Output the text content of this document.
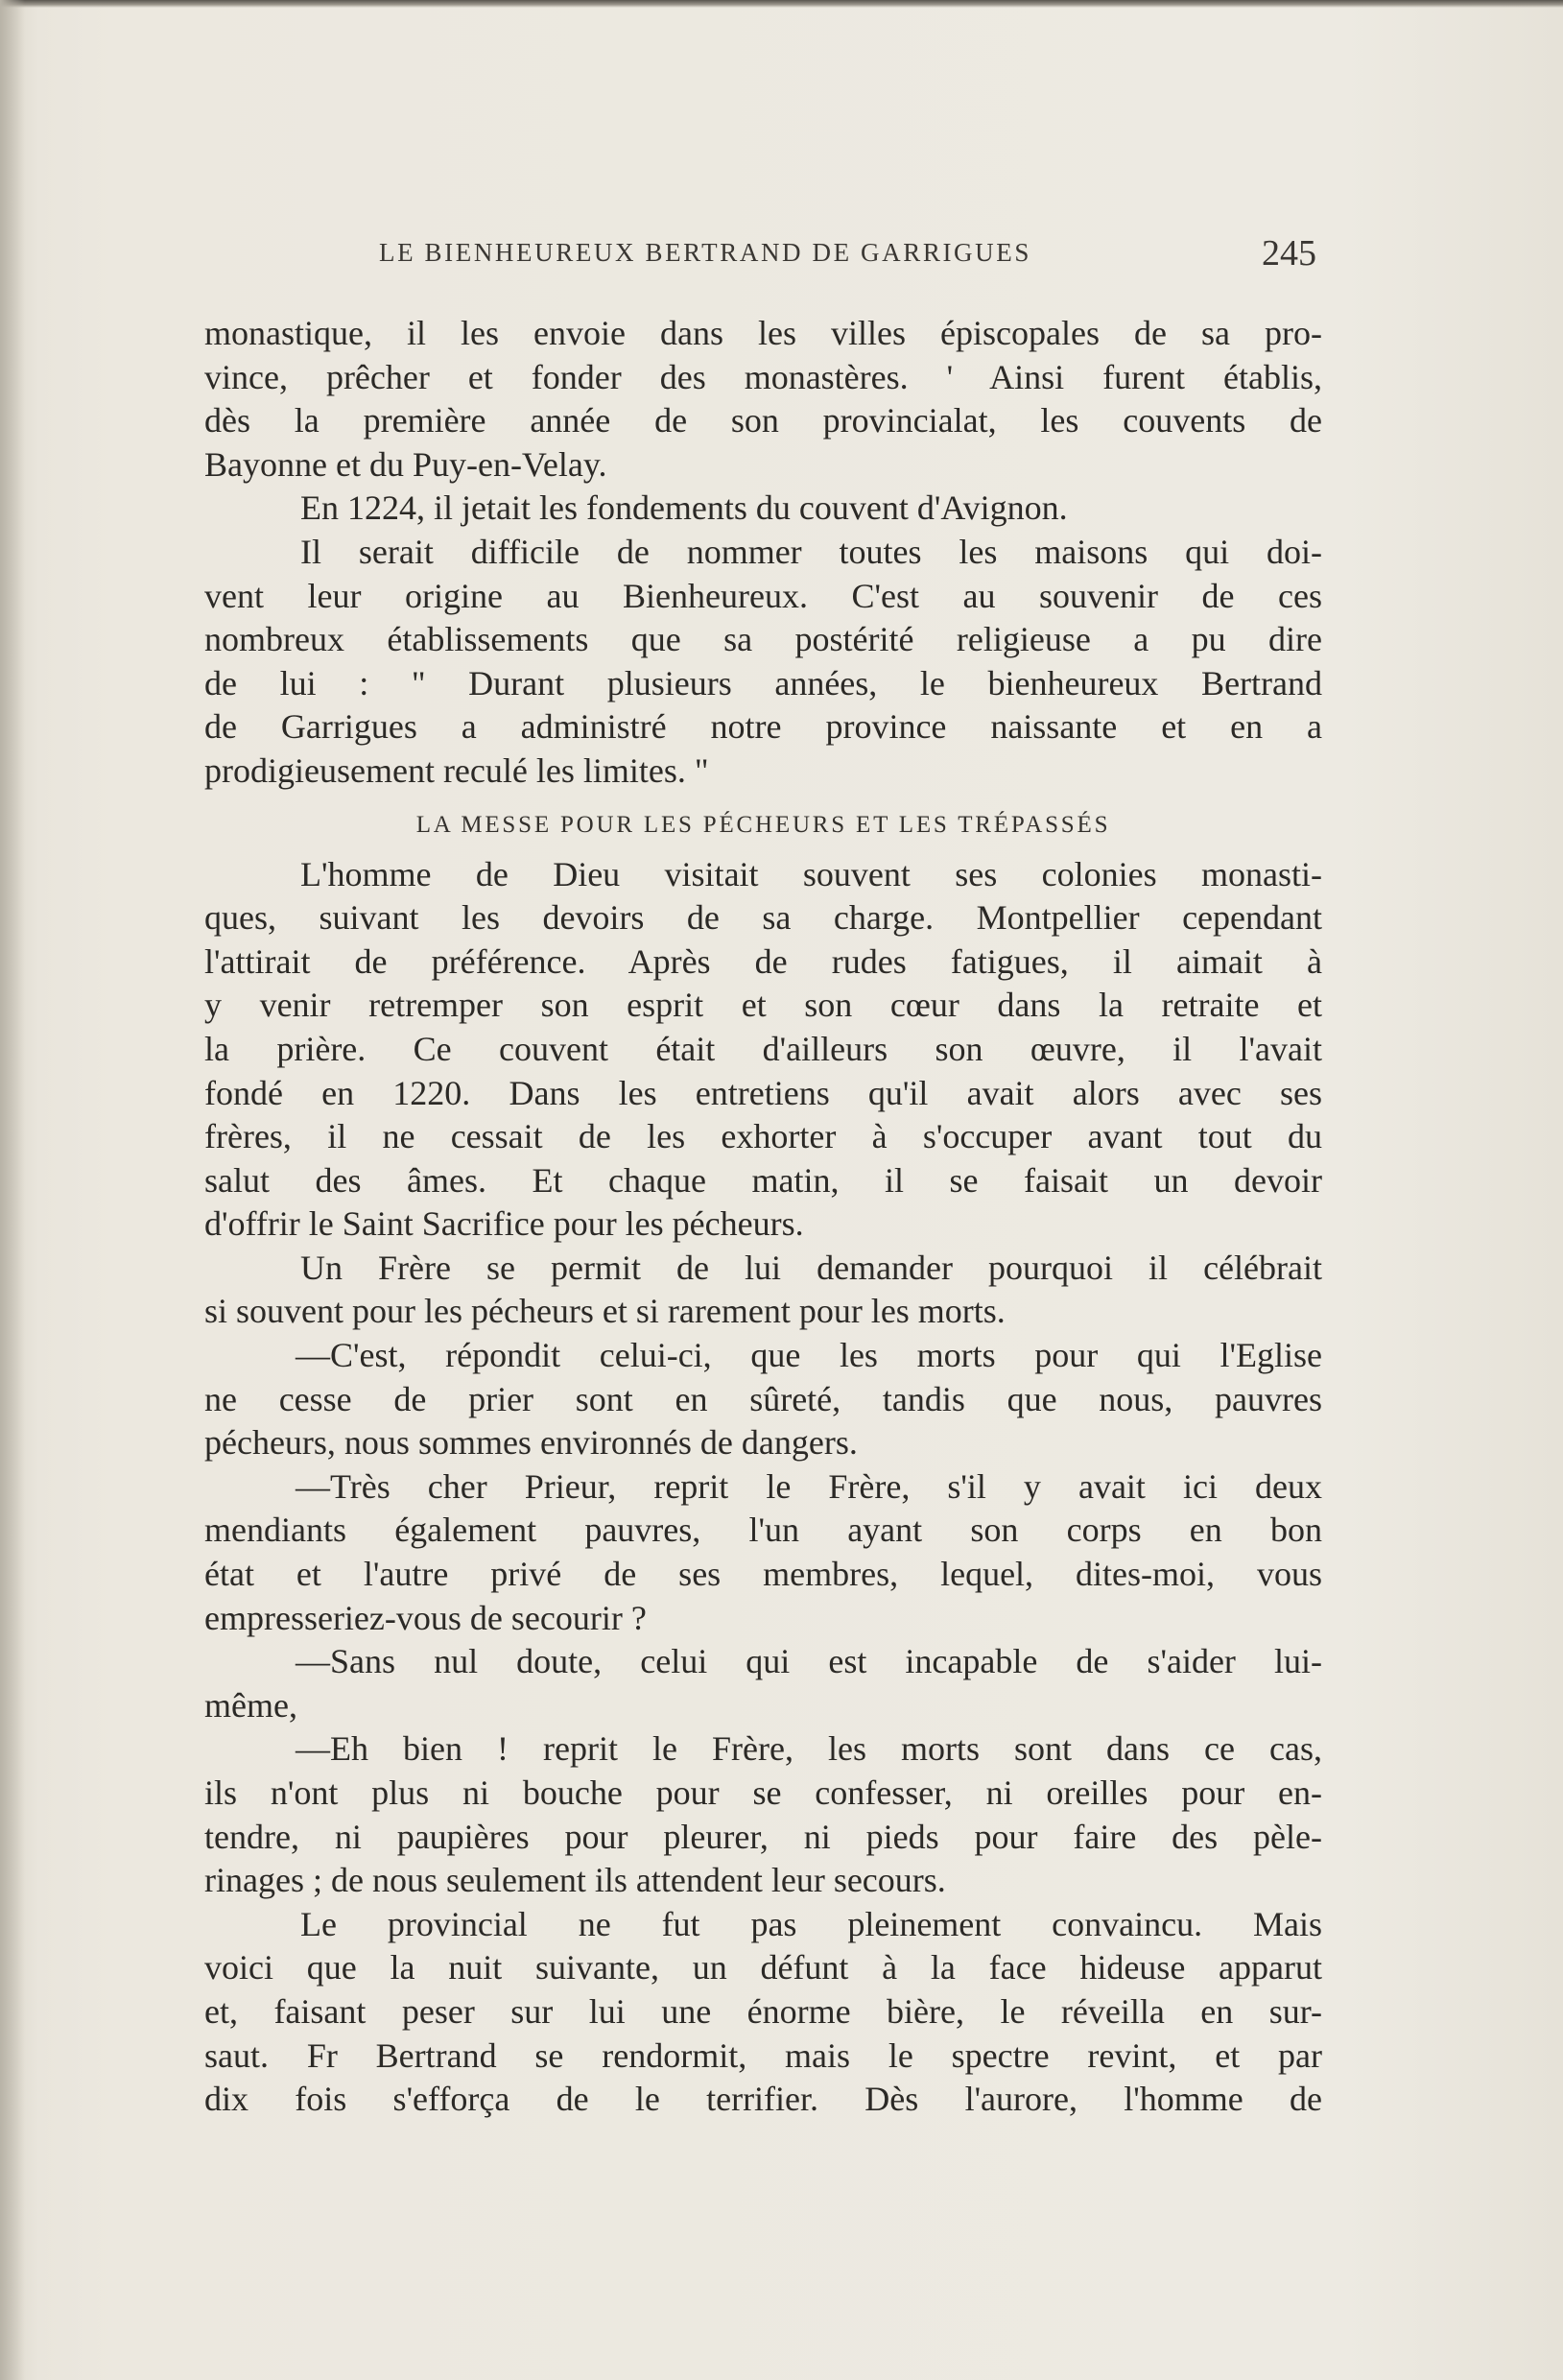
LE BIENHEUREUX BERTRAND DE GARRIGUES	245
monastique, il les envoie dans les villes épiscopales de sa pro-
vince, prêcher et fonder des monastères. ' Ainsi furent établis,
dès la première année de son provincialat, les couvents de
Bayonne et du Puy-en-Velay.
En 1224, il jetait les fondements du couvent d'Avignon.
Il serait difficile de nommer toutes les maisons qui doi-
vent leur origine au Bienheureux. C'est au souvenir de ces
nombreux établissements que sa postérité religieuse a pu dire
de lui : " Durant plusieurs années, le bienheureux Bertrand
de Garrigues a administré notre province naissante et en a
prodigieusement reculé les limites. "
LA MESSE POUR LES PÉCHEURS ET LES TRÉPASSÉS
L'homme de Dieu visitait souvent ses colonies monasti-
ques, suivant les devoirs de sa charge. Montpellier cependant
l'attirait de préférence. Après de rudes fatigues, il aimait à
y venir retremper son esprit et son cœur dans la retraite et
la prière. Ce couvent était d'ailleurs son œuvre, il l'avait
fondé en 1220. Dans les entretiens qu'il avait alors avec ses
frères, il ne cessait de les exhorter à s'occuper avant tout du
salut des âmes. Et chaque matin, il se faisait un devoir
d'offrir le Saint Sacrifice pour les pécheurs.
Un Frère se permit de lui demander pourquoi il célébrait
si souvent pour les pécheurs et si rarement pour les morts.
—C'est, répondit celui-ci, que les morts pour qui l'Eglise
ne cesse de prier sont en sûreté, tandis que nous, pauvres
pécheurs, nous sommes environnés de dangers.
—Très cher Prieur, reprit le Frère, s'il y avait ici deux
mendiants également pauvres, l'un ayant son corps en bon
état et l'autre privé de ses membres, lequel, dites-moi, vous
empresseriez-vous de secourir ?
—Sans nul doute, celui qui est incapable de s'aider lui-
même,
—Eh bien ! reprit le Frère, les morts sont dans ce cas,
ils n'ont plus ni bouche pour se confesser, ni oreilles pour en-
tendre, ni paupières pour pleurer, ni pieds pour faire des pèle-
rinages ; de nous seulement ils attendent leur secours.
Le provincial ne fut pas pleinement convaincu. Mais
voici que la nuit suivante, un défunt à la face hideuse apparut
et, faisant peser sur lui une énorme bière, le réveilla en sur-
saut. Fr Bertrand se rendormit, mais le spectre revint, et par
dix fois s'efforça de le terrifier. Dès l'aurore, l'homme de
